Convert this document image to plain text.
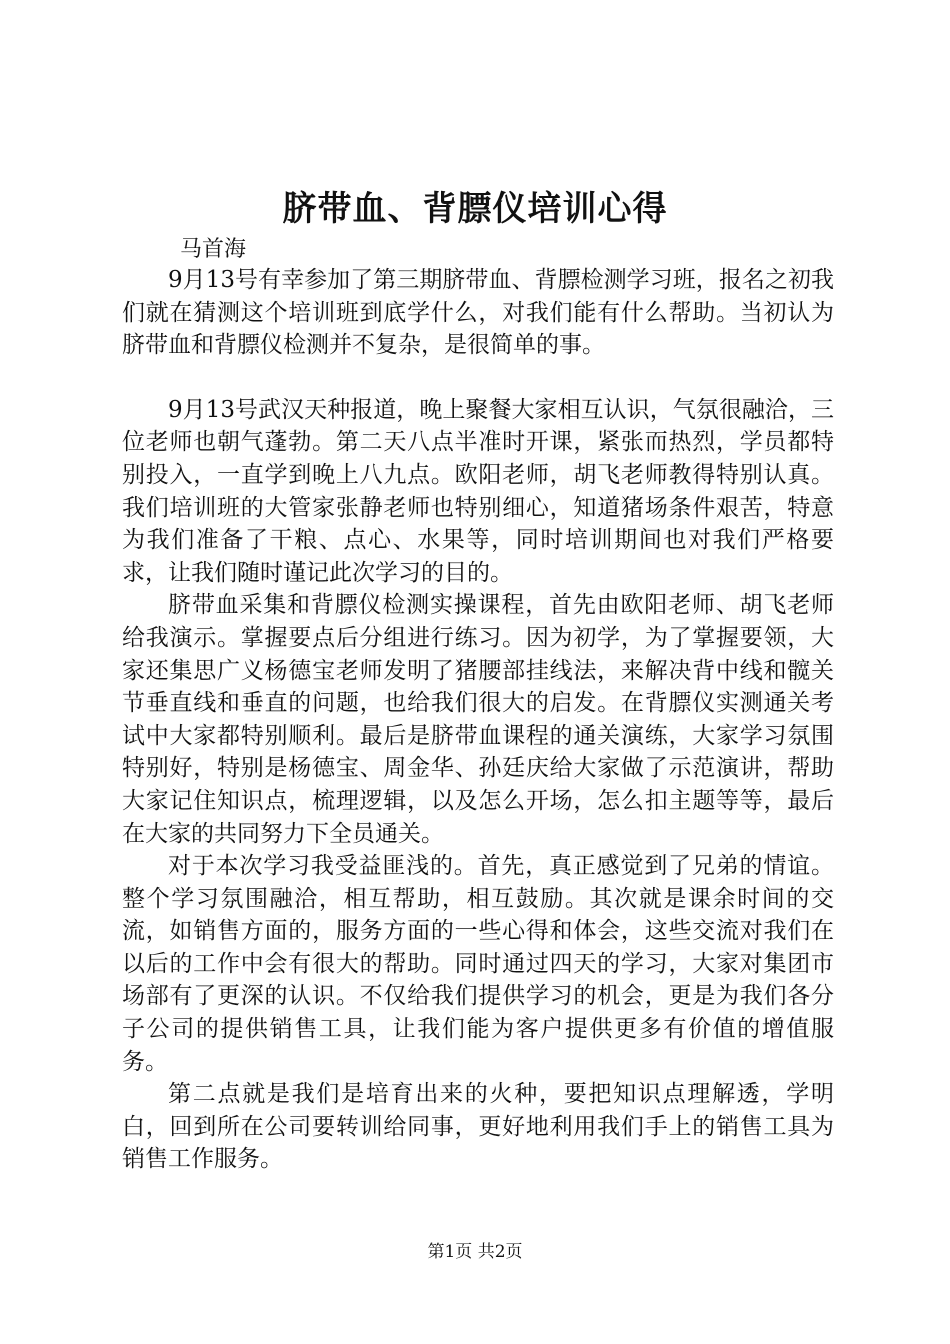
脐带血、背膘仪培训心得
马首海

9月13号有幸参加了第三期脐带血、背膘检测学习班，报名之初我们就在猜测这个培训班到底学什么，对我们能有什么帮助。当初认为脐带血和背膘仪检测并不复杂，是很简单的事。

9月13号武汉天种报道，晚上聚餐大家相互认识，气氛很融洽，三位老师也朝气蓬勃。第二天八点半准时开课，紧张而热烈，学员都特别投入，一直学到晚上八九点。欧阳老师，胡飞老师教得特别认真。我们培训班的大管家张静老师也特别细心，知道猪场条件艰苦，特意为我们准备了干粮、点心、水果等，同时培训期间也对我们严格要求，让我们随时谨记此次学习的目的。

脐带血采集和背膘仪检测实操课程，首先由欧阳老师、胡飞老师给我演示。掌握要点后分组进行练习。因为初学，为了掌握要领，大家还集思广义杨德宝老师发明了猪腰部挂线法，来解决背中线和髋关节垂直线和垂直的问题，也给我们很大的启发。在背膘仪实测通关考试中大家都特别顺利。最后是脐带血课程的通关演练，大家学习氛围特别好，特别是杨德宝、周金华、孙廷庆给大家做了示范演讲，帮助大家记住知识点，梳理逻辑，以及怎么开场，怎么扣主题等等，最后在大家的共同努力下全员通关。

对于本次学习我受益匪浅的。首先，真正感觉到了兄弟的情谊。整个学习氛围融洽，相互帮助，相互鼓励。其次就是课余时间的交流，如销售方面的，服务方面的一些心得和体会，这些交流对我们在以后的工作中会有很大的帮助。同时通过四天的学习，大家对集团市场部有了更深的认识。不仅给我们提供学习的机会，更是为我们各分子公司的提供销售工具，让我们能为客户提供更多有价值的增值服务。

第二点就是我们是培育出来的火种，要把知识点理解透，学明白，回到所在公司要转训给同事，更好地利用我们手上的销售工具为销售工作服务。

第1页 共2页
